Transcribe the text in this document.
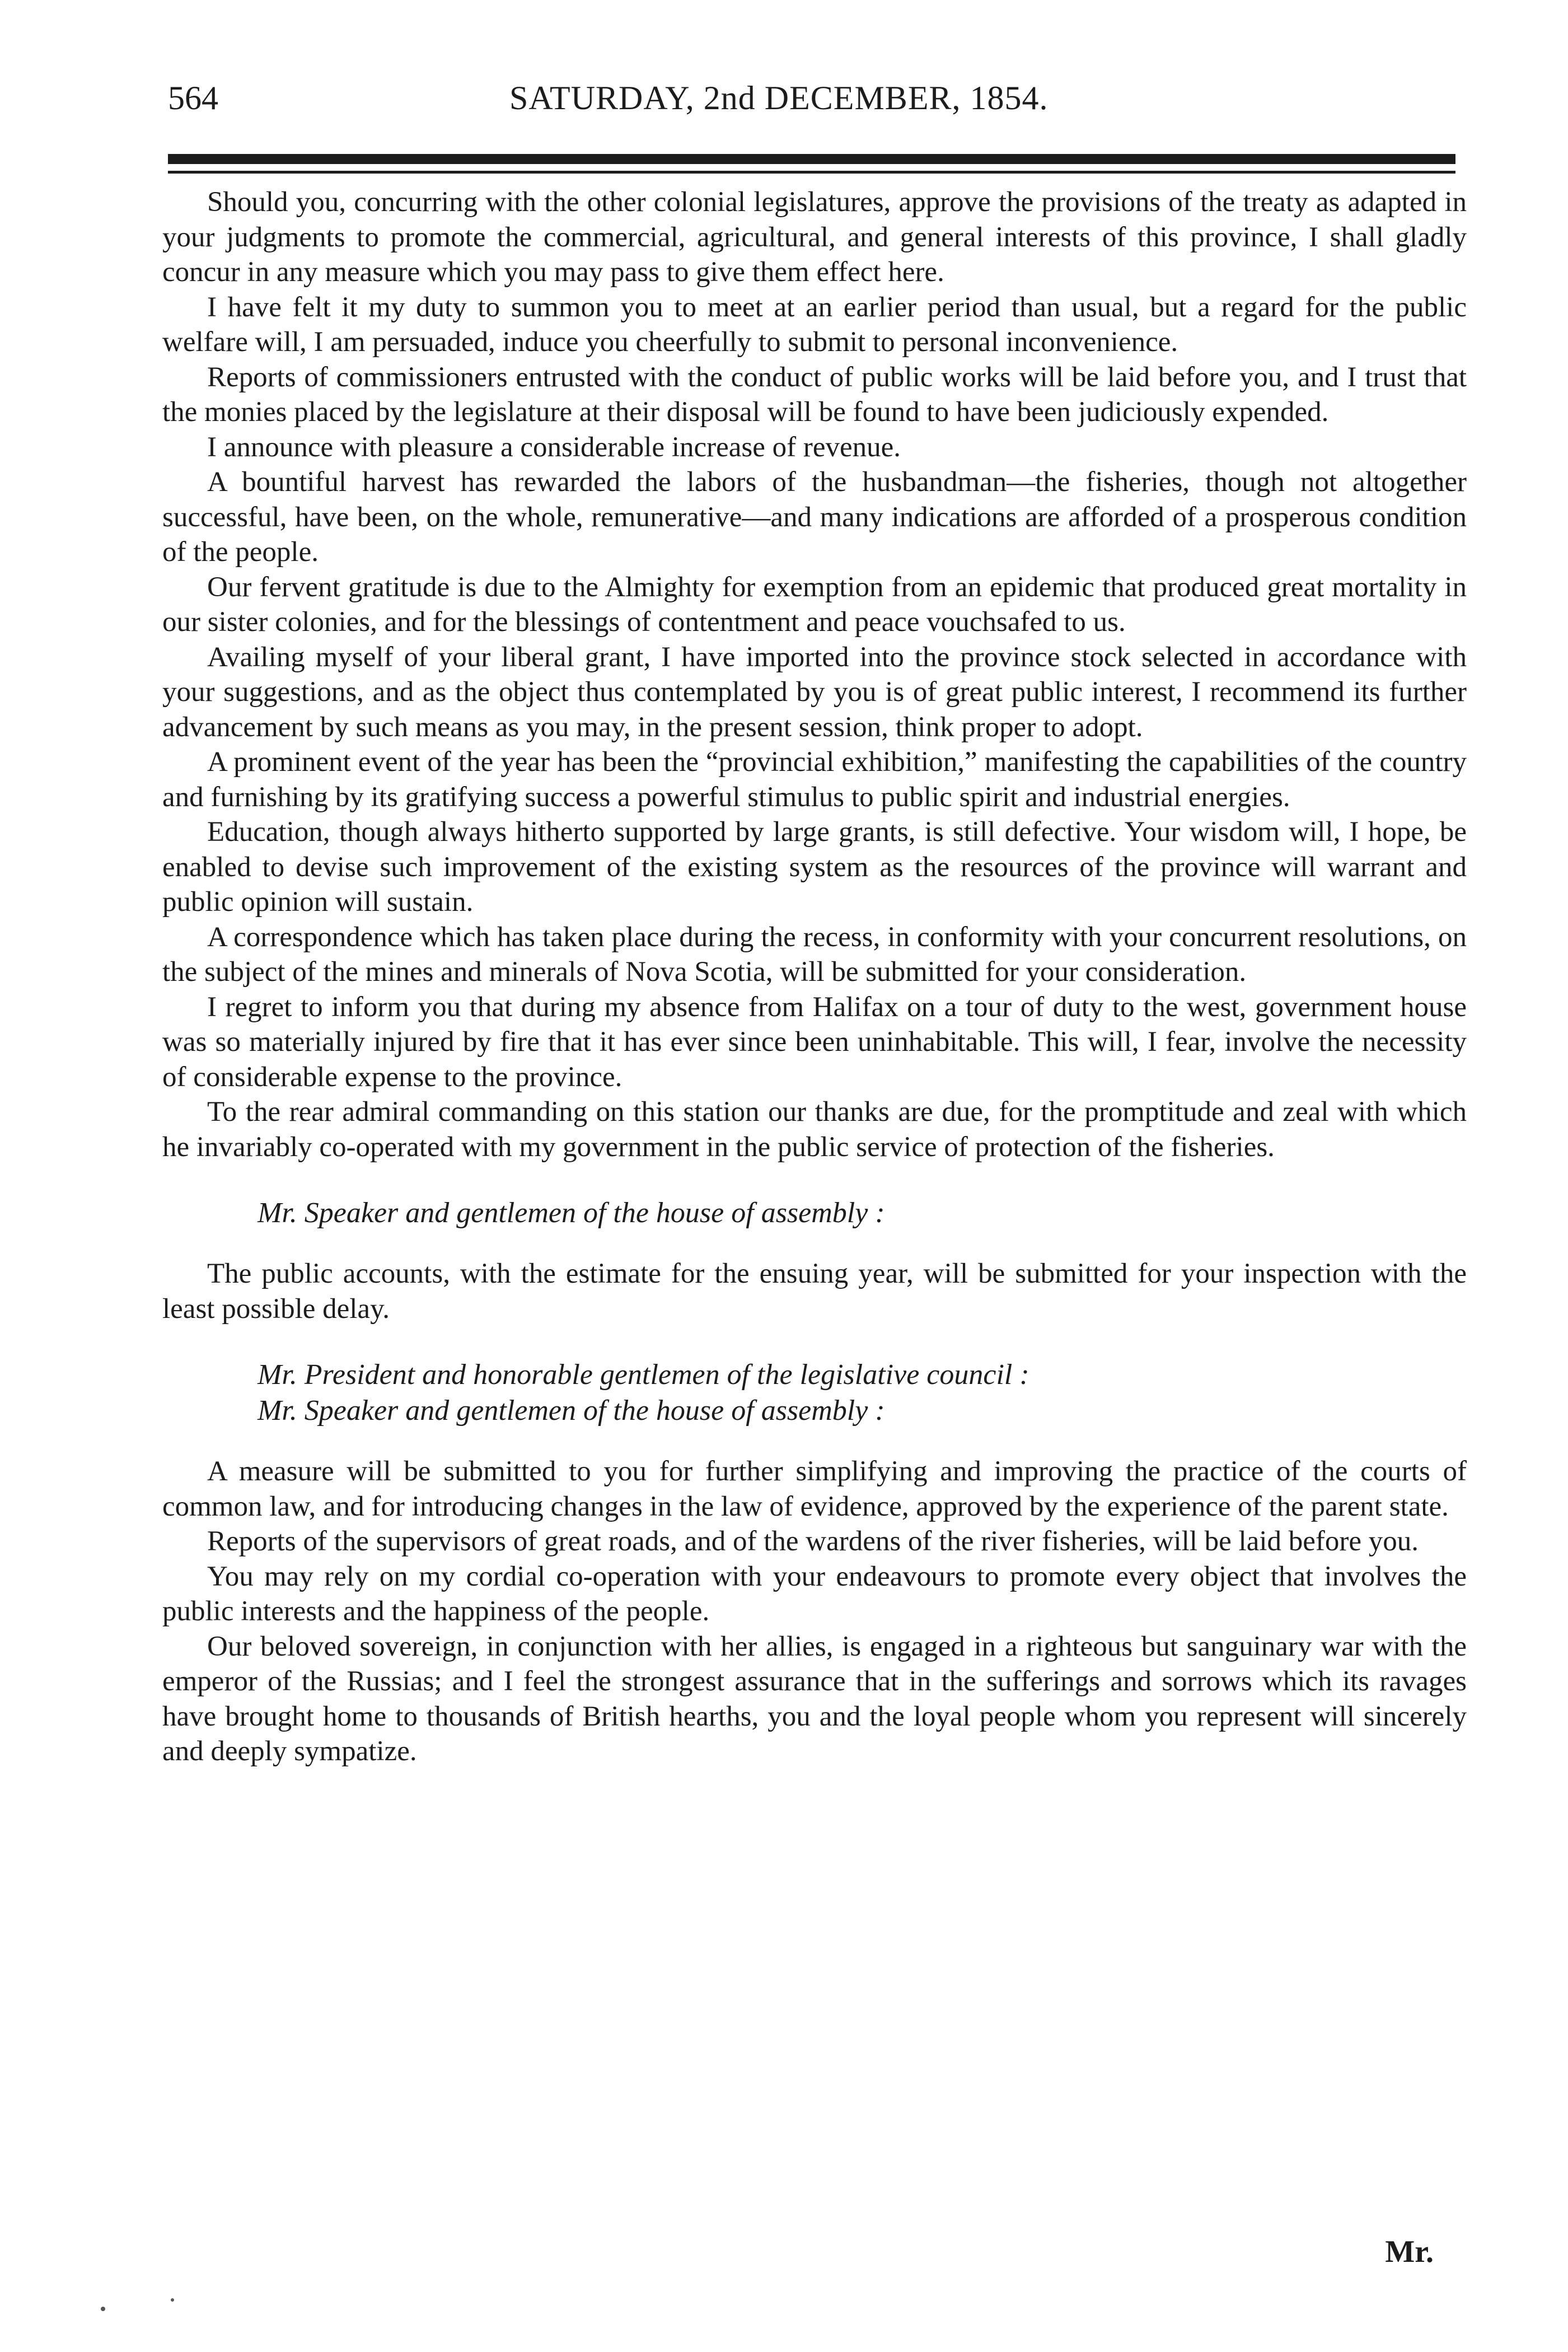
564	SATURDAY, 2nd DECEMBER, 1854.

Should you, concurring with the other colonial legislatures, approve the provisions of the treaty as adapted in your judgments to promote the commercial, agricultural, and general interests of this province, I shall gladly concur in any measure which you may pass to give them effect here.

I have felt it my duty to summon you to meet at an earlier period than usual, but a regard for the public welfare will, I am persuaded, induce you cheerfully to submit to personal inconvenience.

Reports of commissioners entrusted with the conduct of public works will be laid before you, and I trust that the monies placed by the legislature at their disposal will be found to have been judiciously expended.

I announce with pleasure a considerable increase of revenue.

A bountiful harvest has rewarded the labors of the husbandman—the fisheries, though not altogether successful, have been, on the whole, remunerative—and many indications are afforded of a prosperous condition of the people.

Our fervent gratitude is due to the Almighty for exemption from an epidemic that produced great mortality in our sister colonies, and for the blessings of contentment and peace vouchsafed to us.

Availing myself of your liberal grant, I have imported into the province stock selected in accordance with your suggestions, and as the object thus contemplated by you is of great public interest, I recommend its further advancement by such means as you may, in the present session, think proper to adopt.

A prominent event of the year has been the “provincial exhibition,” manifesting the capabilities of the country and furnishing by its gratifying success a powerful stimulus to public spirit and industrial energies.

Education, though always hitherto supported by large grants, is still defective. Your wisdom will, I hope, be enabled to devise such improvement of the existing system as the resources of the province will warrant and public opinion will sustain.

A correspondence which has taken place during the recess, in conformity with your concurrent resolutions, on the subject of the mines and minerals of Nova Scotia, will be submitted for your consideration.

I regret to inform you that during my absence from Halifax on a tour of duty to the west, government house was so materially injured by fire that it has ever since been uninhabitable. This will, I fear, involve the necessity of considerable expense to the province.

To the rear admiral commanding on this station our thanks are due, for the promptitude and zeal with which he invariably co-operated with my government in the public service of protection of the fisheries.

Mr. Speaker and gentlemen of the house of assembly :

The public accounts, with the estimate for the ensuing year, will be submitted for your inspection with the least possible delay.

Mr. President and honorable gentlemen of the legislative council :

Mr. Speaker and gentlemen of the house of assembly :

A measure will be submitted to you for further simplifying and improving the practice of the courts of common law, and for introducing changes in the law of evidence, approved by the experience of the parent state.

Reports of the supervisors of great roads, and of the wardens of the river fisheries, will be laid before you.

You may rely on my cordial co-operation with your endeavours to promote every object that involves the public interests and the happiness of the people.

Our beloved sovereign, in conjunction with her allies, is engaged in a righteous but sanguinary war with the emperor of the Russias; and I feel the strongest assurance that in the sufferings and sorrows which its ravages have brought home to thousands of British hearths, you and the loyal people whom you represent will sincerely and deeply sympatize.

Mr.
